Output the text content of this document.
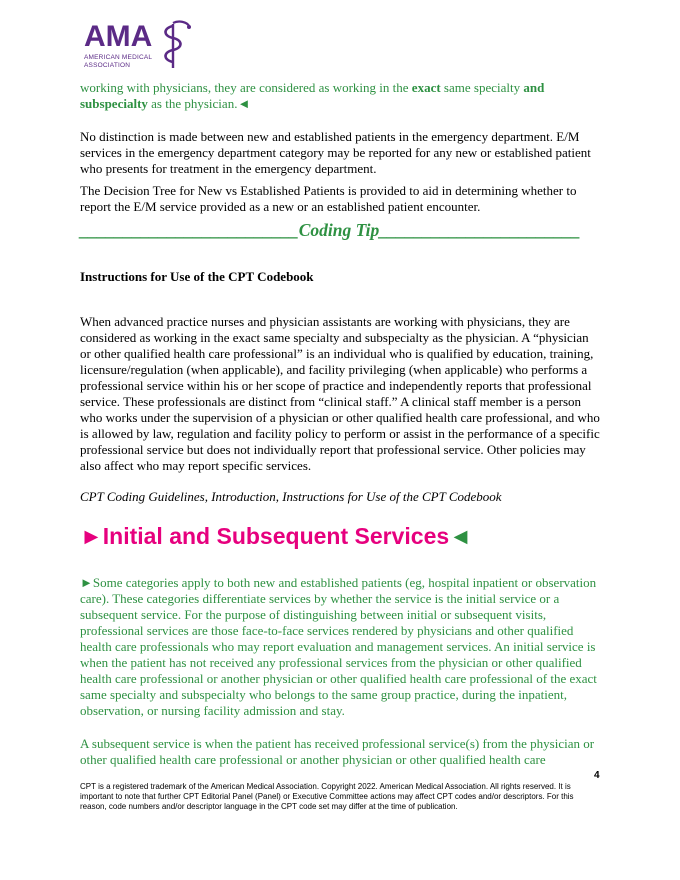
AMA
AMERICAN MEDICAL
ASSOCIATION

working with physicians, they are considered as working in the exact same specialty and subspecialty as the physician.◄

No distinction is made between new and established patients in the emergency department. E/M services in the emergency department category may be reported for any new or established patient who presents for treatment in the emergency department.

The Decision Tree for New vs Established Patients is provided to aid in determining whether to report the E/M service provided as a new or an established patient encounter.

_________________________Coding Tip_______________________

Instructions for Use of the CPT Codebook

When advanced practice nurses and physician assistants are working with physicians, they are considered as working in the exact same specialty and subspecialty as the physician. A “physician or other qualified health care professional” is an individual who is qualified by education, training, licensure/regulation (when applicable), and facility privileging (when applicable) who performs a professional service within his or her scope of practice and independently reports that professional service. These professionals are distinct from “clinical staff.” A clinical staff member is a person who works under the supervision of a physician or other qualified health care professional, and who is allowed by law, regulation and facility policy to perform or assist in the performance of a specific professional service but does not individually report that professional service. Other policies may also affect who may report specific services.

CPT Coding Guidelines, Introduction, Instructions for Use of the CPT Codebook

►Initial and Subsequent Services◄

►Some categories apply to both new and established patients (eg, hospital inpatient or observation care). These categories differentiate services by whether the service is the initial service or a subsequent service. For the purpose of distinguishing between initial or subsequent visits, professional services are those face-to-face services rendered by physicians and other qualified health care professionals who may report evaluation and management services. An initial service is when the patient has not received any professional services from the physician or other qualified health care professional or another physician or other qualified health care professional of the exact same specialty and subspecialty who belongs to the same group practice, during the inpatient, observation, or nursing facility admission and stay.

A subsequent service is when the patient has received professional service(s) from the physician or other qualified health care professional or another physician or other qualified health care

4
CPT is a registered trademark of the American Medical Association. Copyright 2022. American Medical Association. All rights reserved. It is important to note that further CPT Editorial Panel (Panel) or Executive Committee actions may affect CPT codes and/or descriptors. For this reason, code numbers and/or descriptor language in the CPT code set may differ at the time of publication.
